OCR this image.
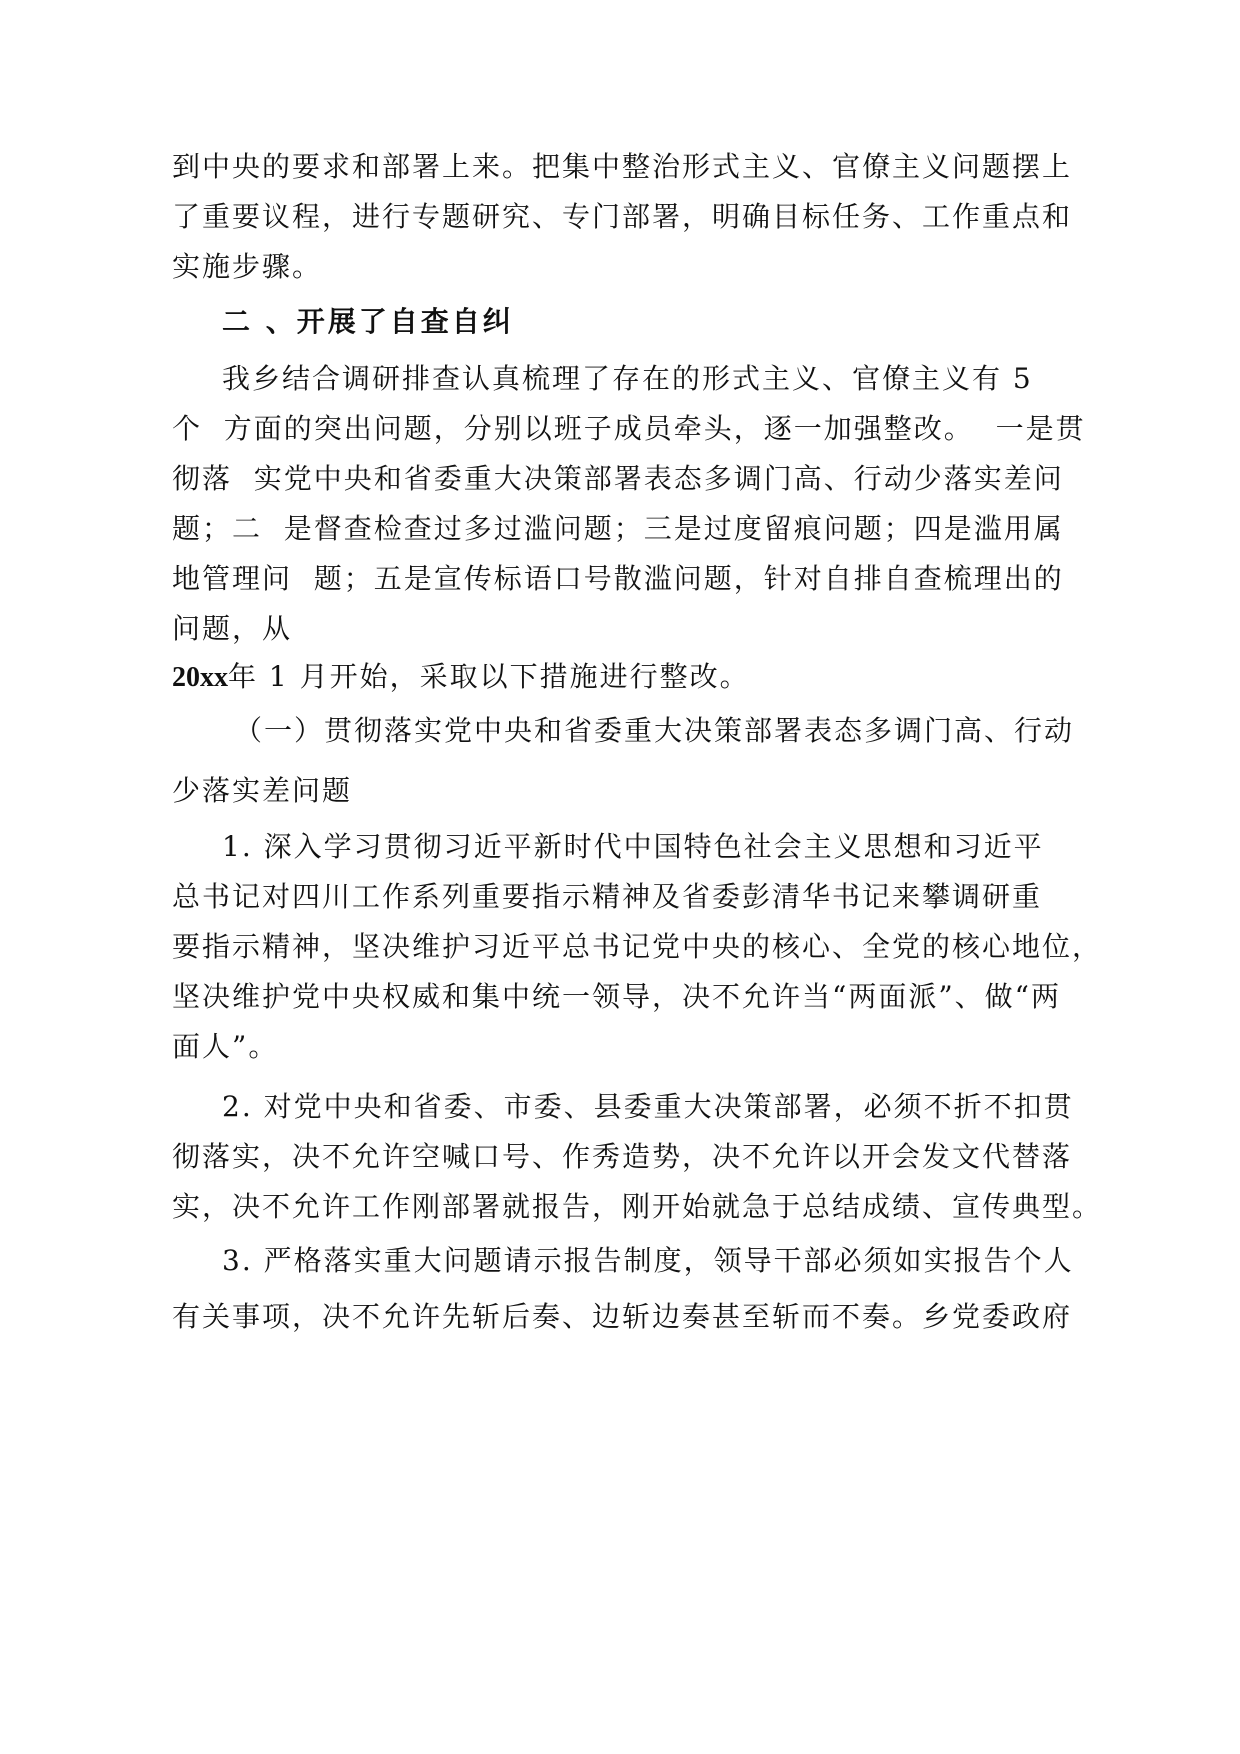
到中央的要求和部署上来。把集中整治形式主义、官僚主义问题摆上
了重要议程，进行专题研究、专门部署，明确目标任务、工作重点和
实施步骤。
二 、开展了自查自纠
我乡结合调研排查认真梳理了存在的形式主义、官僚主义有 5
个  方面的突出问题，分别以班子成员牵头，逐一加强整改。  一是贯
彻落  实党中央和省委重大决策部署表态多调门高、行动少落实差问
题；二  是督查检查过多过滥问题；三是过度留痕问题；四是滥用属
地管理问  题；五是宣传标语口号散滥问题，针对自排自查梳理出的
问题，从
20xx年 1 月开始，采取以下措施进行整改。
（一）贯彻落实党中央和省委重大决策部署表态多调门高、行动
少落实差问题
1. 深入学习贯彻习近平新时代中国特色社会主义思想和习近平
总书记对四川工作系列重要指示精神及省委彭清华书记来攀调研重
要指示精神，坚决维护习近平总书记党中央的核心、全党的核心地位，
坚决维护党中央权威和集中统一领导，决不允许当“两面派”、做“两
面人”。
2. 对党中央和省委、市委、县委重大决策部署，必须不折不扣贯
彻落实，决不允许空喊口号、作秀造势，决不允许以开会发文代替落
实，决不允许工作刚部署就报告，刚开始就急于总结成绩、宣传典型。
3. 严格落实重大问题请示报告制度，领导干部必须如实报告个人
有关事项，决不允许先斩后奏、边斩边奏甚至斩而不奏。乡党委政府
